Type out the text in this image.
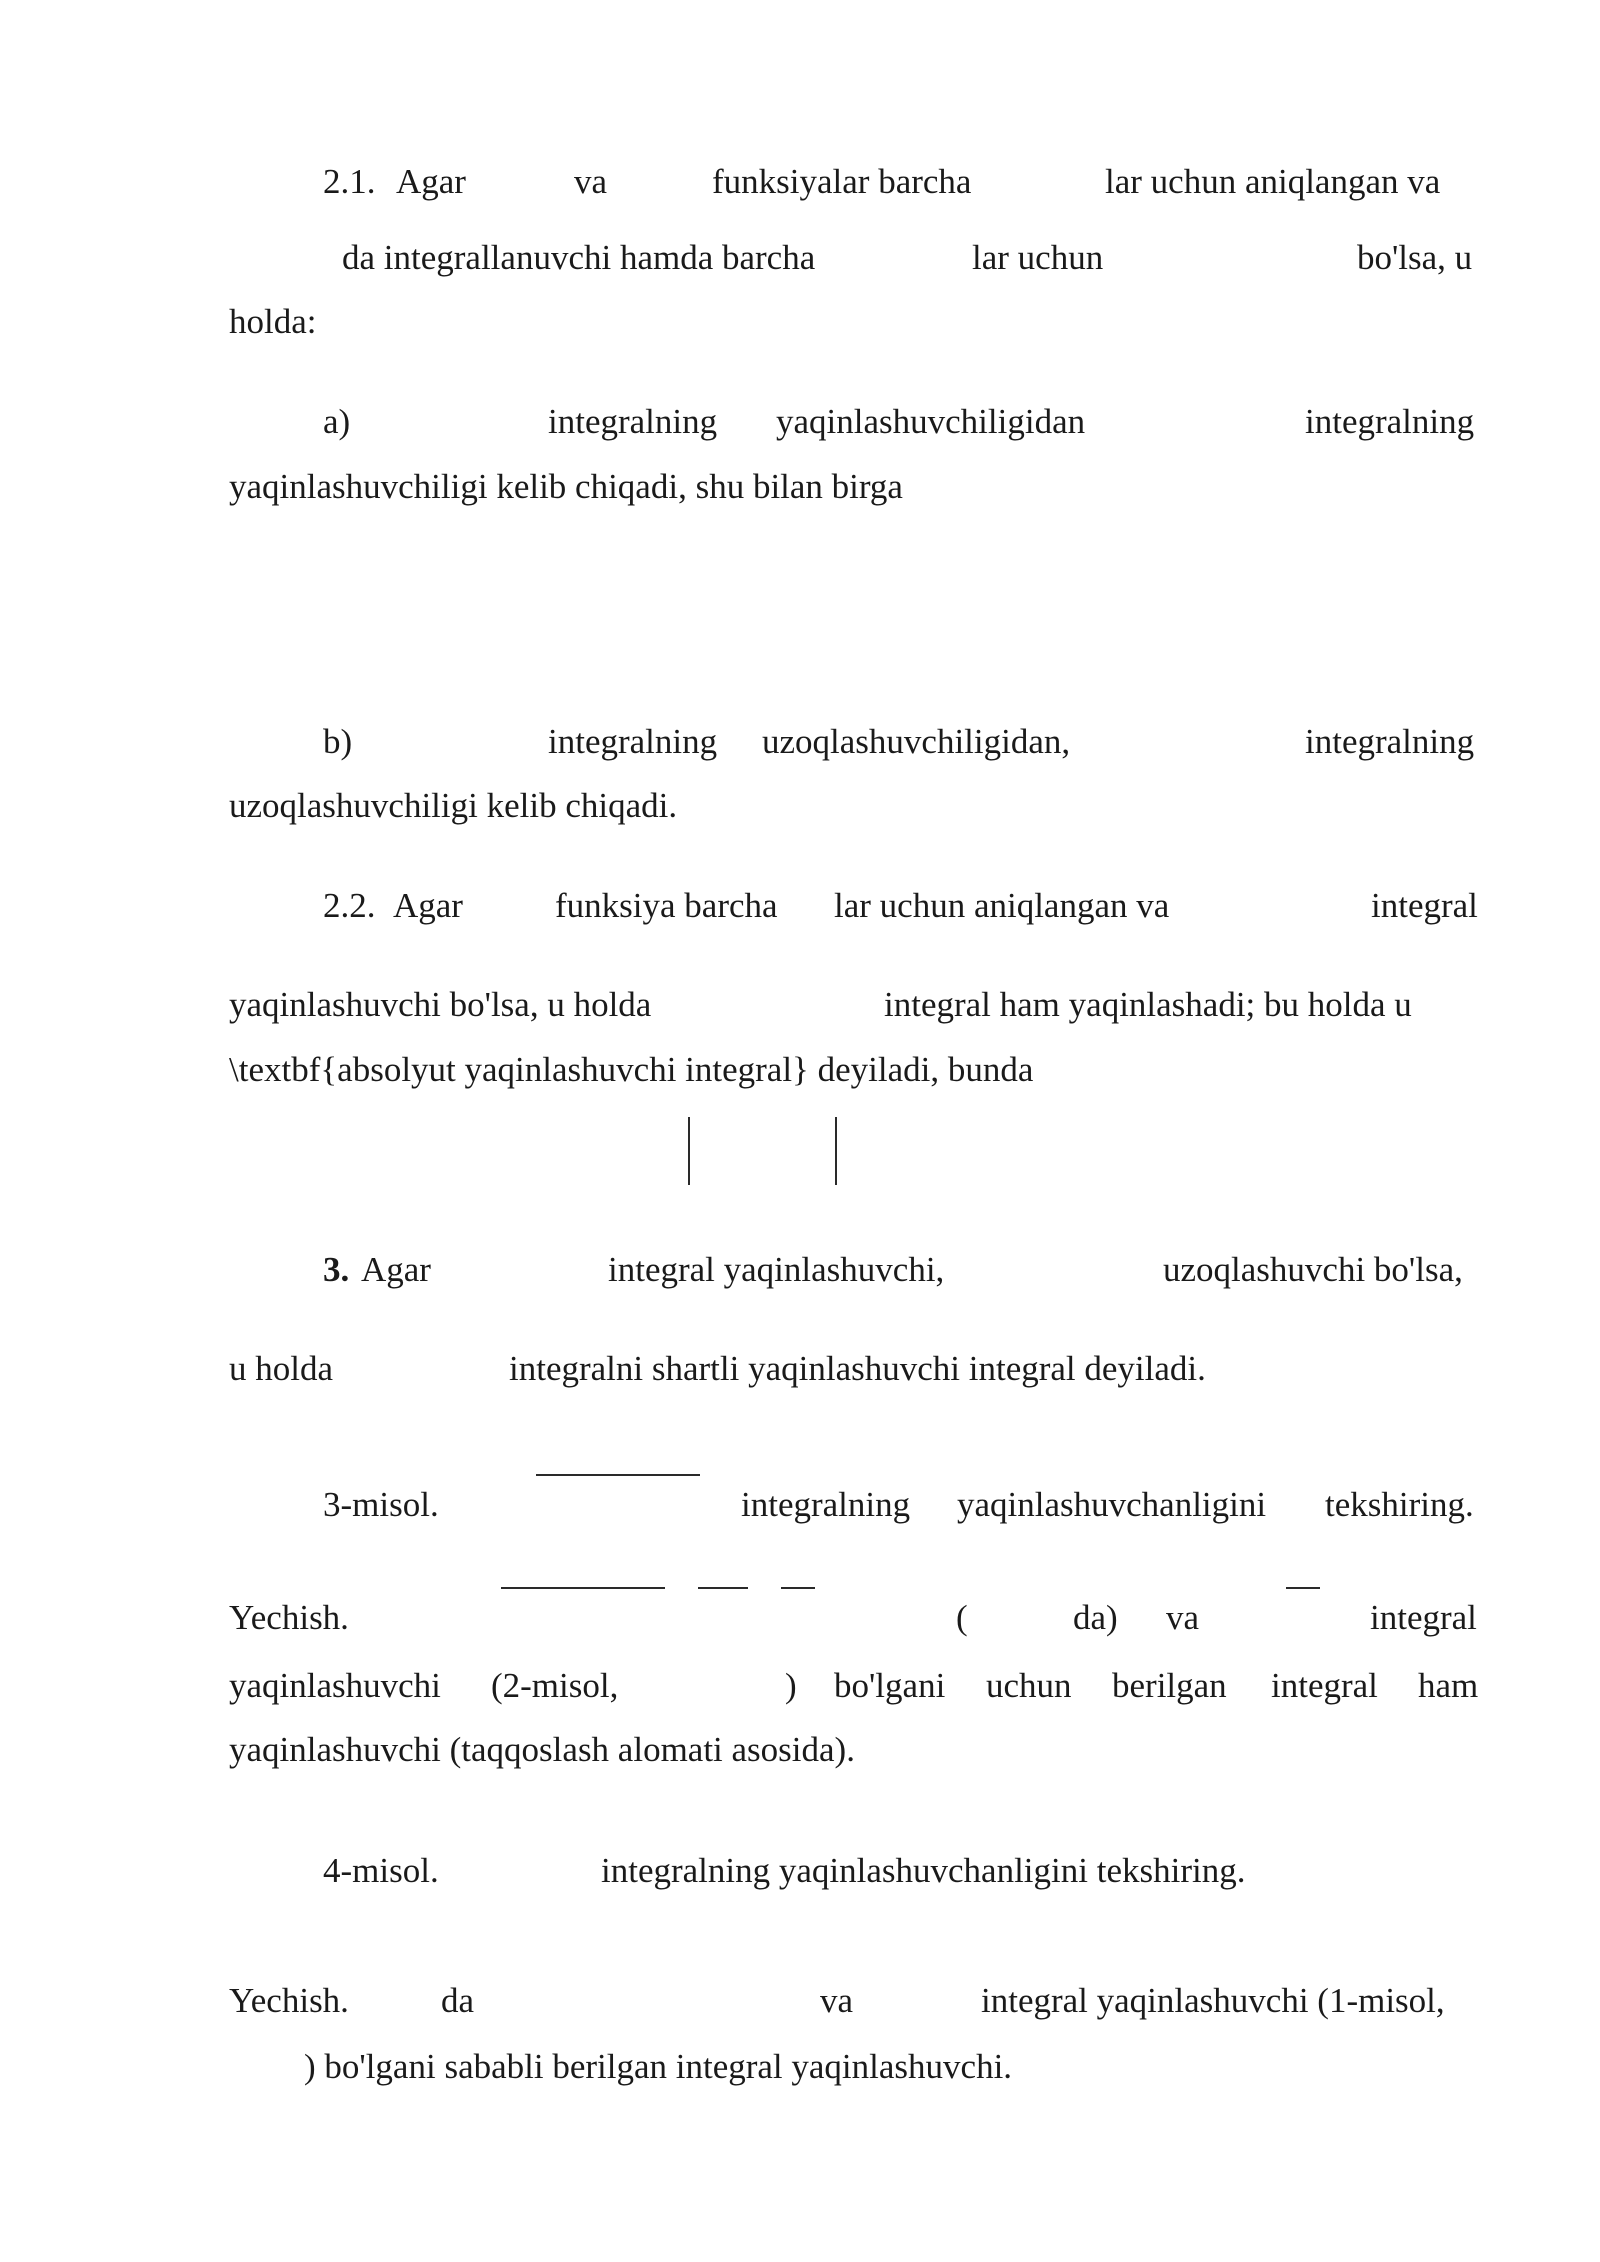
2.1. Agar	va	funksiyalar barcha	lar uchun aniqlangan va
da integrallanuvchi hamda barcha	lar uchun	bo'lsa, u
holda:
a)	integralning yaqinlashuvchiligidan	integralning
yaqinlashuvchiligi kelib chiqadi, shu bilan birga
b)	integralning uzoqlashuvchiligidan,	integralning
uzoqlashuvchiligi kelib chiqadi.
2.2. Agar	funksiya barcha lar uchun aniqlangan va	integral
yaqinlashuvchi bo'lsa, u holda	integral ham yaqinlashadi; bu holda u
\textbf{absolyut yaqinlashuvchi integral} deyiladi, bunda
3. Agar	integral yaqinlashuvchi,	uzoqlashuvchi bo'lsa,
u holda	integralni shartli yaqinlashuvchi integral deyiladi.
3-misol.	integralning yaqinlashuvchanligini tekshiring.
Yechish.	(	da) va	integral
yaqinlashuvchi (2-misol,	) bo'lgani uchun berilgan integral ham
yaqinlashuvchi (taqqoslash alomati asosida).
4-misol.	integralning yaqinlashuvchanligini tekshiring.
Yechish.	da	va	integral yaqinlashuvchi (1-misol,
) bo'lgani sababli berilgan integral yaqinlashuvchi.
